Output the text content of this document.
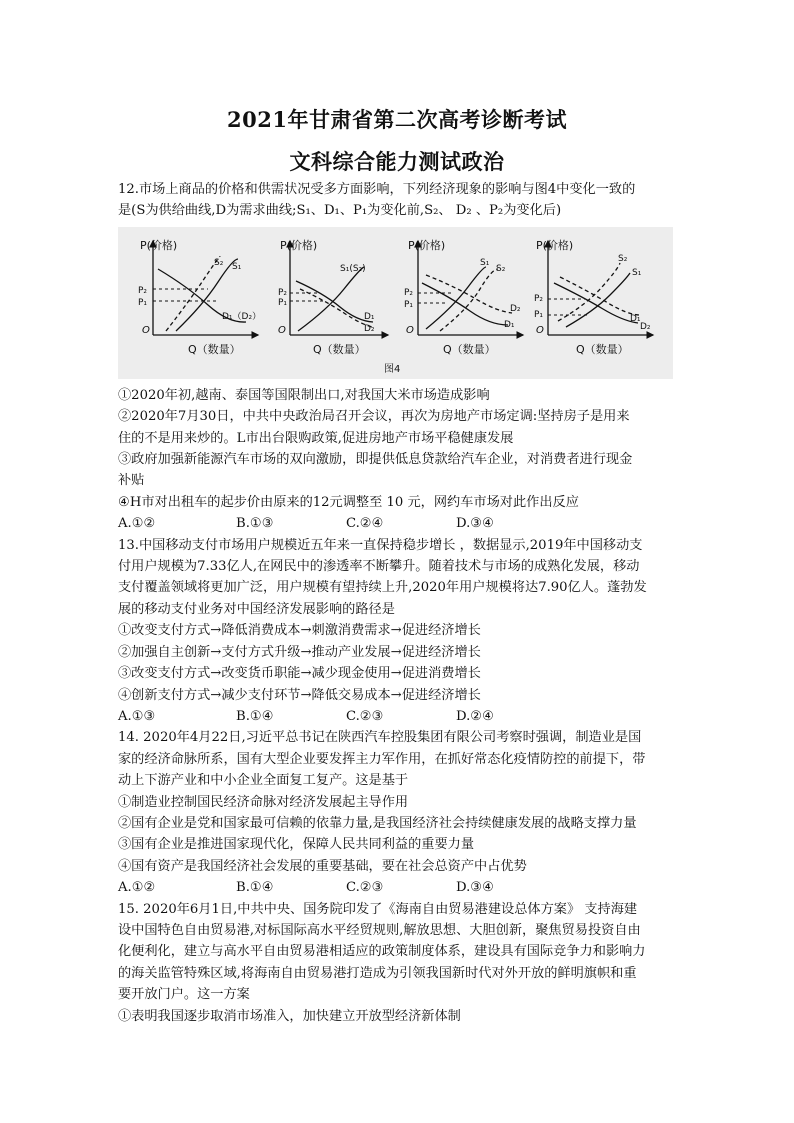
2021年甘肃省第二次高考诊断考试
文科综合能力测试政治
12.市场上商品的价格和供需状况受多方面影响，下列经济现象的影响与图4中变化一致的
是(S为供给曲线,D为需求曲线;S₁、D₁、P₁为变化前,S₂、 D₂ 、P₂为变化后)
P(价格)
Q（数量）
O
S₂ S₁
P₂
P₁
D₁（D₂）
P(价格)
Q（数量）
O
S₁(S₂)
P₂
P₁
D₁
D₂
P(价格)
Q（数量）
O
S₁
S₂
P₂
P₁	D₂
D₁
P(价格)
Q（数量）
O
S₂
S₁
P₂
P₁	D₁
D₂
图4
①2020年初,越南、泰国等国限制出口,对我国大米市场造成影响
②2020年7月30日，中共中央政治局召开会议，再次为房地产市场定调:坚持房子是用来
住的不是用来炒的。L市出台限购政策,促进房地产市场平稳健康发展
③政府加强新能源汽车市场的双向激励，即提供低息贷款给汽车企业，对消费者进行现金
补贴
④H市对出租车的起步价由原来的12元调整至 10 元，网约车市场对此作出反应
A.①②	B.①③	C.②④	D.③④
13.中国移动支付市场用户规模近五年来一直保持稳步增长 ，数据显示,2019年中国移动支
付用户规模为7.33亿人,在网民中的渗透率不断攀升。随着技术与市场的成熟化发展，移动
支付覆盖领域将更加广泛，用户规模有望持续上升,2020年用户规模将达7.90亿人。蓬勃发
展的移动支付业务对中国经济发展影响的路径是
①改变支付方式→降低消费成本→刺激消费需求→促进经济增长
②加强自主创新→支付方式升级→推动产业发展→促进经济增长
③改变支付方式→改变货币职能→减少现金使用→促进消费增长
④创新支付方式→减少支付环节→降低交易成本→促进经济增长
A.①③	B.①④	C.②③	D.②④
14. 2020年4月22日,习近平总书记在陕西汽车控股集团有限公司考察时强调，制造业是国
家的经济命脉所系，国有大型企业要发挥主力军作用，在抓好常态化疫情防控的前提下，带
动上下游产业和中小企业全面复工复产。这是基于
①制造业控制国民经济命脉对经济发展起主导作用
②国有企业是党和国家最可信赖的依靠力量,是我国经济社会持续健康发展的战略支撑力量
③国有企业是推进国家现代化，保障人民共同利益的重要力量
④国有资产是我国经济社会发展的重要基础，要在社会总资产中占优势
A.①②	B.①④	C.②③	D.③④
15. 2020年6月1日,中共中央、国务院印发了《海南自由贸易港建设总体方案》 支持海建
设中国特色自由贸易港,对标国际高水平经贸规则,解放思想、大胆创新，聚焦贸易投资自由
化便利化，建立与高水平自由贸易港相适应的政策制度体系，建设具有国际竞争力和影响力
的海关监管特殊区域,将海南自由贸易港打造成为引领我国新时代对外开放的鲜明旗帜和重
要开放门户。这一方案
①表明我国逐步取消市场准入，加快建立开放型经济新体制
